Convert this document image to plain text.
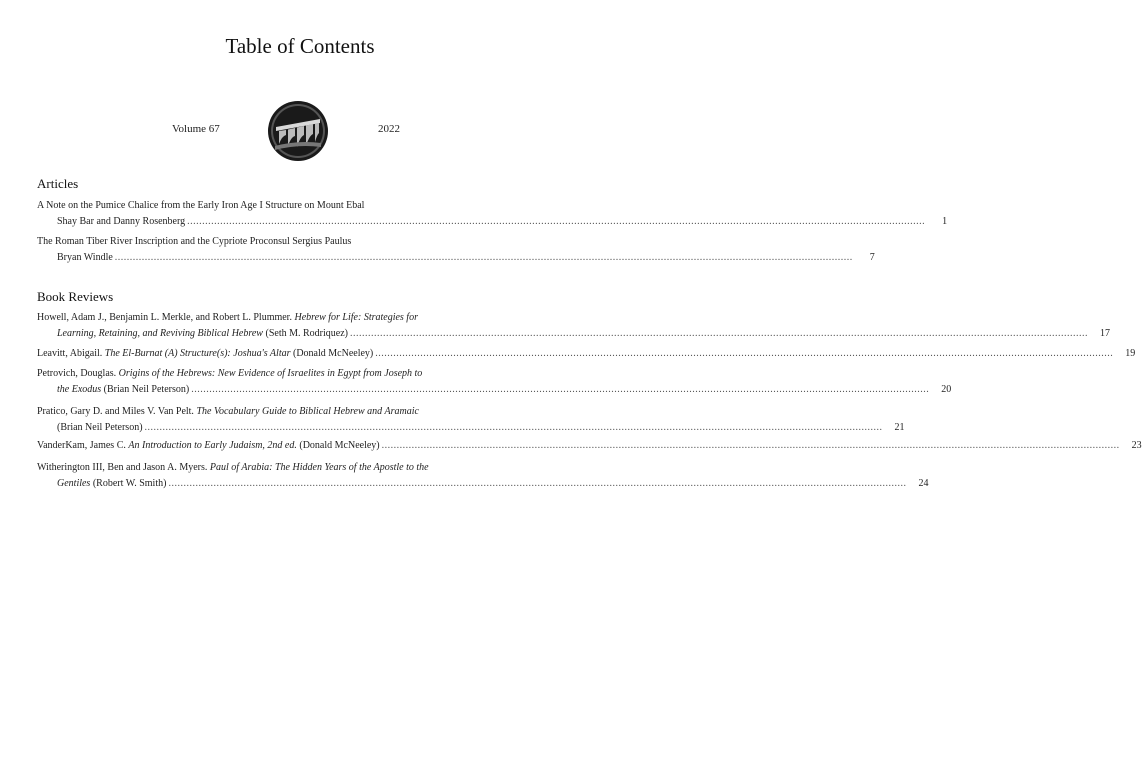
Table of Contents
Volume 67	2022
Articles
A Note on the Pumice Chalice from the Early Iron Age I Structure on Mount Ebal
Shay Bar and Danny Rosenberg ......................................................................................................................................................................................................................................................	1
The Roman Tiber River Inscription and the Cypriote Proconsul Sergius Paulus
Bryan Windle ......................................................................................................................................................................................................................................................	7
Book Reviews
Howell, Adam J., Benjamin L. Merkle, and Robert L. Plummer. Hebrew for Life: Strategies for
Learning, Retaining, and Reviving Biblical Hebrew (Seth M. Rodriquez) ......................................................................................................................................................................................................................................................	17
Leavitt, Abigail. The El-Burnat (A) Structure(s): Joshua's Altar (Donald McNeeley) ......................................................................................................................................................................................................................................................	19
Petrovich, Douglas. Origins of the Hebrews: New Evidence of Israelites in Egypt from Joseph to
the Exodus (Brian Neil Peterson) ......................................................................................................................................................................................................................................................	20
Pratico, Gary D. and Miles V. Van Pelt. The Vocabulary Guide to Biblical Hebrew and Aramaic
(Brian Neil Peterson) ......................................................................................................................................................................................................................................................	21
VanderKam, James C. An Introduction to Early Judaism, 2nd ed. (Donald McNeeley) ......................................................................................................................................................................................................................................................	23
Witherington III, Ben and Jason A. Myers. Paul of Arabia: The Hidden Years of the Apostle to the
Gentiles (Robert W. Smith) ......................................................................................................................................................................................................................................................	24
